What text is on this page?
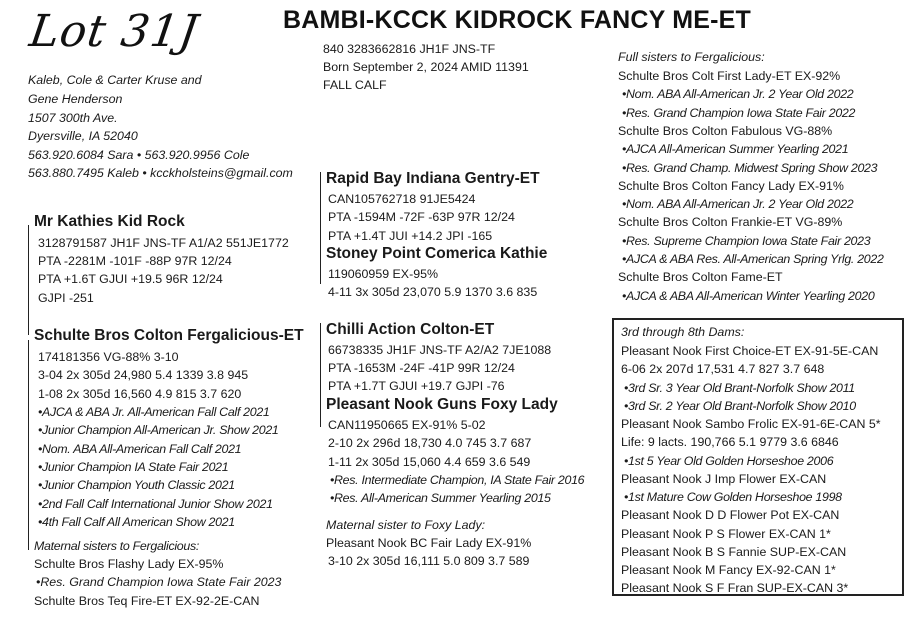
Lot 31J	BAMBI-KCCK KIDROCK FANCY ME-ET
840 3283662816 JH1F JNS-TF
Born September 2, 2024 AMID 11391
FALL CALF
Kaleb, Cole & Carter Kruse and
Gene Henderson
1507 300th Ave.
Dyersville, IA 52040
563.920.6084 Sara • 563.920.9956 Cole
563.880.7495 Kaleb • kcckholsteins@gmail.com
Mr Kathies Kid Rock
3128791587 JH1F JNS-TF A1/A2 551JE1772
PTA -2281M -101F -88P 97R 12/24
PTA +1.6T GJUI +19.5 96R 12/24
GJPI -251
Schulte Bros Colton Fergalicious-ET
174181356 VG-88% 3-10
3-04 2x 305d 24,980 5.4 1339 3.8 945
1-08 2x 305d 16,560 4.9 815 3.7 620
•AJCA & ABA Jr. All-American Fall Calf 2021
•Junior Champion All-American Jr. Show 2021
•Nom. ABA All-American Fall Calf 2021
•Junior Champion IA State Fair 2021
•Junior Champion Youth Classic 2021
•2nd Fall Calf International Junior Show 2021
•4th Fall Calf All American Show 2021
Maternal sisters to Fergalicious:
Schulte Bros Flashy Lady EX-95%
•Res. Grand Champion Iowa State Fair 2023
Schulte Bros Teq Fire-ET EX-92-2E-CAN
Rapid Bay Indiana Gentry-ET
CAN105762718 91JE5424
PTA -1594M -72F -63P 97R 12/24
PTA +1.4T JUI +14.2 JPI -165
Stoney Point Comerica Kathie
119060959 EX-95%
4-11 3x 305d 23,070 5.9 1370 3.6 835
Chilli Action Colton-ET
66738335 JH1F JNS-TF A2/A2 7JE1088
PTA -1653M -24F -41P 99R 12/24
PTA +1.7T GJUI +19.7 GJPI -76
Pleasant Nook Guns Foxy Lady
CAN11950665 EX-91% 5-02
2-10 2x 296d 18,730 4.0 745 3.7 687
1-11 2x 305d 15,060 4.4 659 3.6 549
•Res. Intermediate Champion, IA State Fair 2016
•Res. All-American Summer Yearling 2015
Maternal sister to Foxy Lady:
Pleasant Nook BC Fair Lady EX-91%
3-10 2x 305d 16,111 5.0 809 3.7 589
Full sisters to Fergalicious:
Schulte Bros Colt First Lady-ET EX-92%
•Nom. ABA All-American Jr. 2 Year Old 2022
•Res. Grand Champion Iowa State Fair 2022
Schulte Bros Colton Fabulous VG-88%
•AJCA All-American Summer Yearling 2021
•Res. Grand Champ. Midwest Spring Show 2023
Schulte Bros Colton Fancy Lady EX-91%
•Nom. ABA All-American Jr. 2 Year Old 2022
Schulte Bros Colton Frankie-ET VG-89%
•Res. Supreme Champion Iowa State Fair 2023
•AJCA & ABA Res. All-American Spring Yrlg. 2022
Schulte Bros Colton Fame-ET
•AJCA & ABA All-American Winter Yearling 2020
3rd through 8th Dams:
Pleasant Nook First Choice-ET EX-91-5E-CAN
6-06 2x 207d 17,531 4.7 827 3.7 648
•3rd Sr. 3 Year Old Brant-Norfolk Show 2011
•3rd Sr. 2 Year Old Brant-Norfolk Show 2010
Pleasant Nook Sambo Frolic EX-91-6E-CAN 5*
Life: 9 lacts. 190,766 5.1 9779 3.6 6846
•1st 5 Year Old Golden Horseshoe 2006
Pleasant Nook J Imp Flower EX-CAN
•1st Mature Cow Golden Horseshoe 1998
Pleasant Nook D D Flower Pot EX-CAN
Pleasant Nook P S Flower EX-CAN 1*
Pleasant Nook B S Fannie SUP-EX-CAN
Pleasant Nook M Fancy EX-92-CAN 1*
Pleasant Nook S F Fran SUP-EX-CAN 3*
